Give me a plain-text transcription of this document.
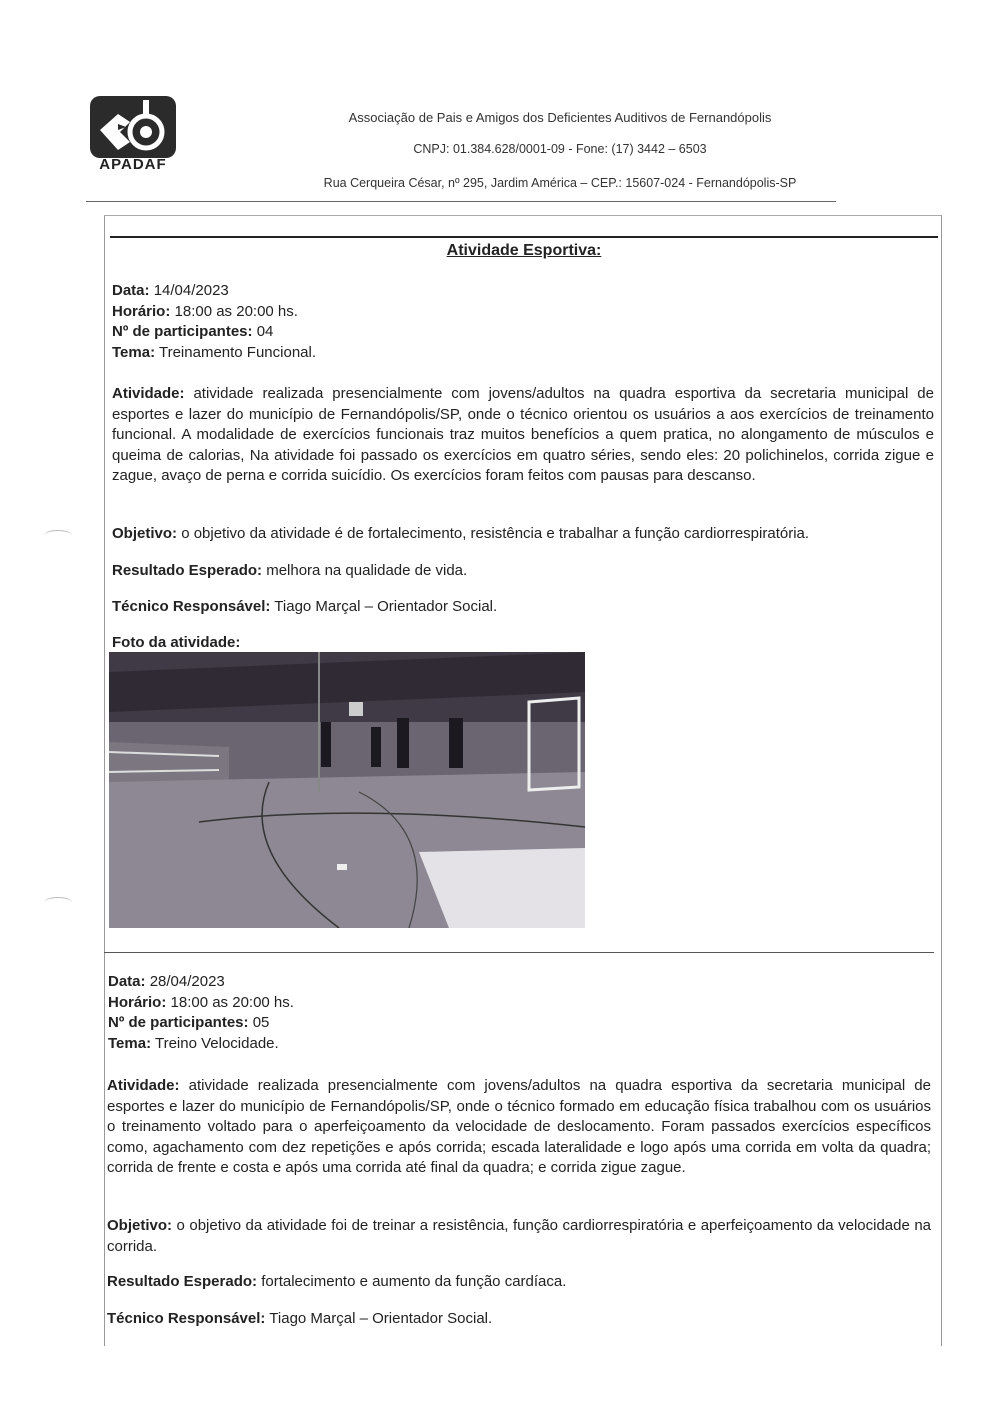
APADAF
Associação de Pais e Amigos dos Deficientes Auditivos de Fernandópolis
CNPJ: 01.384.628/0001-09 - Fone: (17) 3442 – 6503
Rua Cerqueira César, nº 295, Jardim América – CEP.: 15607-024 - Fernandópolis-SP
Atividade Esportiva:
Data: 14/04/2023
Horário: 18:00 as 20:00 hs.
Nº de participantes: 04
Tema: Treinamento Funcional.
Atividade: atividade realizada presencialmente com jovens/adultos na quadra esportiva da secretaria municipal de esportes e lazer do município de Fernandópolis/SP, onde o técnico orientou os usuários a aos exercícios de treinamento funcional. A modalidade de exercícios funcionais traz muitos benefícios a quem pratica, no alongamento de músculos e queima de calorias, Na atividade foi passado os exercícios em quatro séries, sendo eles: 20 polichinelos, corrida zigue e zague, avaço de perna e corrida suicídio. Os exercícios foram feitos com pausas para descanso.
Objetivo: o objetivo da atividade é de fortalecimento, resistência e trabalhar a função cardiorrespiratória.
Resultado Esperado: melhora na qualidade de vida.
Técnico Responsável: Tiago Marçal – Orientador Social.
Foto da atividade:
Data: 28/04/2023
Horário: 18:00 as 20:00 hs.
Nº de participantes: 05
Tema: Treino Velocidade.
Atividade: atividade realizada presencialmente com jovens/adultos na quadra esportiva da secretaria municipal de esportes e lazer do município de Fernandópolis/SP, onde o técnico formado em educação física trabalhou com os usuários o treinamento voltado para o aperfeiçoamento da velocidade de deslocamento. Foram passados exercícios específicos como, agachamento com dez repetições e após corrida; escada lateralidade e logo após uma corrida em volta da quadra; corrida de frente e costa e após uma corrida até final da quadra; e corrida zigue zague.
Objetivo: o objetivo da atividade foi de treinar a resistência, função cardiorrespiratória e aperfeiçoamento da velocidade na corrida.
Resultado Esperado: fortalecimento e aumento da função cardíaca.
Técnico Responsável: Tiago Marçal – Orientador Social.
